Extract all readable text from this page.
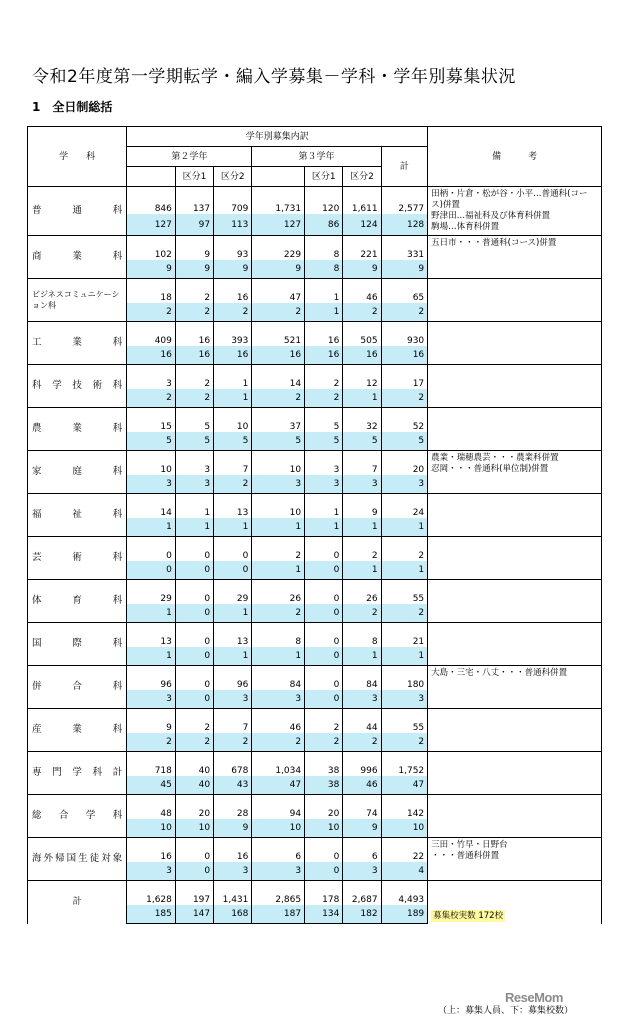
令和2年度第一学期転学・編入学募集－学科・学年別募集状況
1　全日制総括
学　　科	学年別募集内訳							備　　　考
	第２学年			第３学年			計	
		区分1	区分2		区分1	区分2		
普通科	846	137	709	1,731	120	1,611	2,577	田柄・片倉・松が谷・小平…普通科(コース)併置
野津田…福祉科及び体育科併置
駒場…体育科併置
	127	97	113	127	86	124	128	
商業科	102	9	93	229	8	221	331	五日市・・・普通科(コース)併置
	9	9	9	9	8	9	9	
ビジネスコミュニケーション科	18	2	16	47	1	46	65	
	2	2	2	2	1	2	2	
工業科	409	16	393	521	16	505	930	
	16	16	16	16	16	16	16	
科学技術科	3	2	1	14	2	12	17	
	2	2	1	2	2	1	2	
農業科	15	5	10	37	5	32	52	
	5	5	5	5	5	5	5	
家庭科	10	3	7	10	3	7	20	農業・瑞穂農芸・・・農業科併置
忍岡・・・普通科(単位制)併置
	3	3	2	3	3	3	3	
福祉科	14	1	13	10	1	9	24	
	1	1	1	1	1	1	1	
芸術科	0	0	0	2	0	2	2	
	0	0	0	1	0	1	1	
体育科	29	0	29	26	0	26	55	
	1	0	1	2	0	2	2	
国際科	13	0	13	8	0	8	21	
	1	0	1	1	0	1	1	
併合科	96	0	96	84	0	84	180	大島・三宅・八丈・・・普通科併置
	3	0	3	3	0	3	3	
産業科	9	2	7	46	2	44	55	
	2	2	2	2	2	2	2	
専門学科計	718	40	678	1,034	38	996	1,752	
	45	40	43	47	38	46	47	
総合学科	48	20	28	94	20	74	142	
	10	10	9	10	10	9	10	
海外帰国生徒対象	16	0	16	6	0	6	22	三田・竹早・日野台
・・・普通科併置
	3	0	3	3	0	3	4	
計	1,628	197	1,431	2,865	178	2,687	4,493	募集校実数 172校
	185	147	168	187	134	182	189	
（上：募集人員、下：募集校数）
ReseMom
